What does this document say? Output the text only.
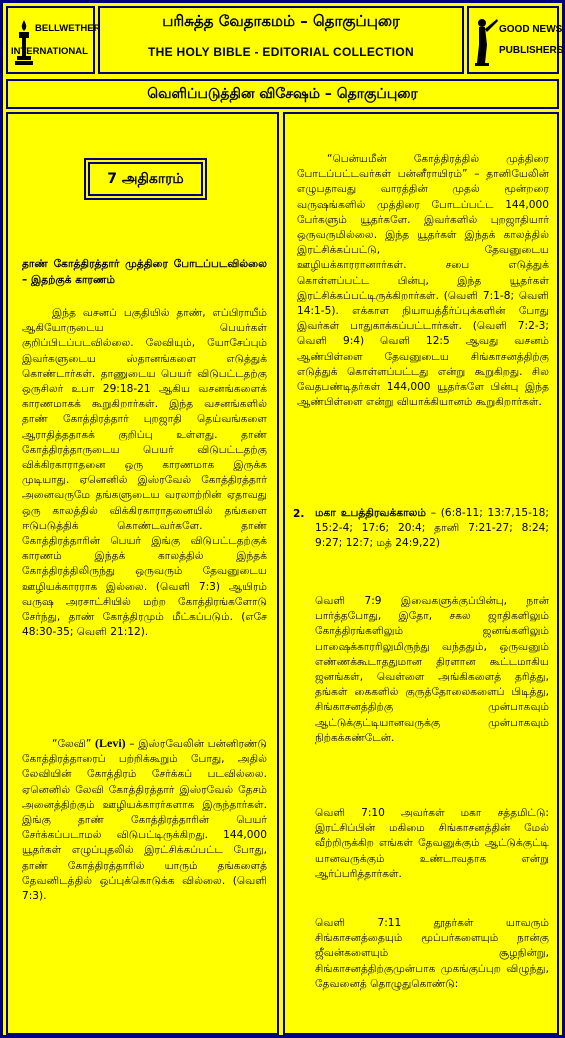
BELLWETHER
INTERNATIONAL
பரிசுத்த வேதாகமம் – தொகுப்புரை
THE HOLY BIBLE - EDITORIAL COLLECTION
GOOD NEWS
PUBLISHERS
வெளிப்படுத்தின விசேஷம் – தொகுப்புரை
7 அதிகாரம்
தாண் கோத்திரத்தார் முத்திரை போடப்படவில்லை – இதற்குக் காரணம்

இந்த வசனப் பகுதியில் தாண், எப்பிராயீம் ஆகியோருடைய பெயர்கள் குறிப்பிடப்படவில்லை. லேவியும், யோசேப்பும் இவர்களுடைய ஸ்தானங்களை எடுத்துக் கொண்டார்கள். தாணுடைய பெயர் விடுபட்டதற்கு ஒருசிலர் உபா 29:18-21 ஆகிய வசனங்களைக் காரணமாகக் கூறுகிறார்கள். இந்த வசனங்களில் தாண் கோத்திரத்தார் புறஜாதி தெய்வங்களை ஆராதித்ததாகக் குறிப்பு உள்ளது. தாண் கோத்திரத்தாருடைய பெயர் விடுபட்டதற்கு விக்கிரகாராதனை ஒரு காரணமாக இருக்க முடியாது. ஏனெனில் இஸ்ரவேல் கோத்திரத்தார் அனைவருமே தங்களுடைய வரலாற்றின் ஏதாவது ஒரு காலத்தில் விக்கிரகாராதனையில் தங்களை ஈடுபடுத்திக் கொண்டவர்களே. தாண் கோத்திரத்தாரின் பெயர் இங்கு விடுபட்டதற்குக் காரணம் இந்தக் காலத்தில் இந்தக் கோத்திரத்திலிருந்து ஒருவரும் தேவனுடைய ஊழியக்காரராக இல்லை. (வெளி 7:3) ஆயிரம் வருஷ அரசாட்சியில் மற்ற கோத்திரங்களோடு சேர்ந்து, தாண் கோத்திரமும் மீட்கப்படும். (எசே 48:30-35; வெளி 21:12).

“லேவி” (Levi) – இஸ்ரவேலின் பன்னிரண்டு கோத்திரத்தாரைப் பற்றிக்கூறும் போது, அதில் லேவியின் கோத்திரம் சேர்க்கப் படவில்லை. ஏனெனில் லேவி கோத்திரத்தார் இஸ்ரவேல் தேசம் அனைத்திற்கும் ஊழியக்காரர்களாக இருந்தார்கள். இங்கு தாண் கோத்திரத்தாரின் பெயர் சேர்க்கப்படாமல் விடுபட்டிருக்கிறது. 144,000 யூதர்கள் எழுப்புதலில் இரட்சிக்கப்பட்ட போது, தாண் கோத்திரத்தாரில் யாரும் தங்களைத் தேவனிடத்தில் ஒப்புக்கொடுக்க வில்லை. (வெளி 7:3).

“பென்யமீன் கோத்திரத்தில் முத்திரை போடப்பட்டவர்கள் பன்னீராயிரம்” – தானியேலின் எழுபதாவது வாரத்தின் முதல் மூன்றரை வருஷங்களில் முத்திரை போடப்பட்ட 144,000 பேர்களும் யூதர்களே. இவர்களில் புறஜாதியார் ஒருவருமில்லை. இந்த யூதர்கள் இந்தக் காலத்தில் இரட்சிக்கப்பட்டு, தேவனுடைய ஊழியக்காரரானார்கள். சபை எடுத்துக் கொள்ளப்பட்ட பின்பு, இந்த யூதர்கள் இரட்சிக்கப்பட்டிருக்கிறார்கள். (வெளி 7:1-8; வெளி 14:1-5). எக்காள நியாயத்தீர்ப்புக்களின் போது இவர்கள் பாதுகாக்கப்பட்டார்கள். (வெளி 7:2-3; வெளி 9:4) வெளி 12:5 ஆவது வசனம் ஆண்பிள்ளை தேவனுடைய சிங்காசனத்திற்கு எடுத்துக் கொள்ளப்பட்டது என்று கூறுகிறது. சில வேதபண்டிதர்கள் 144,000 யூதர்களே பின்பு இந்த ஆண்பிள்ளை என்று வியாக்கியானம் கூறுகிறார்கள்.

2. மகா உபத்திரவக்காலம் – (6:8-11; 13:7,15-18; 15:2-4; 17:6; 20:4; தானி 7:21-27; 8:24; 9:27; 12:7; மத் 24:9,22)

வெளி 7:9 இவைகளுக்குப்பின்பு, நான் பார்த்தபோது, இதோ, சகல ஜாதிகளிலும் கோத்திரங்களிலும் ஜனங்களிலும் பாஷைக்காரரிலுமிருந்து வந்ததும், ஒருவனும் எண்ணக்கூடாததுமான திரளான கூட்டமாகிய ஜனங்கள், வெள்ளை அங்கிகளைத் தரித்து, தங்கள் கைகளில் குருத்தோலைகளைப் பிடித்து, சிங்காசனத்திற்கு முன்பாகவும் ஆட்டுக்குட்டியானவருக்கு முன்பாகவும் நிற்கக்கண்டேன்.

வெளி 7:10 அவர்கள் மகா சத்தமிட்டு: இரட்சிப்பின் மகிமை சிங்காசனத்தின் மேல் வீற்றிருக்கிற எங்கள் தேவனுக்கும் ஆட்டுக்குட்டி யானவருக்கும் உண்டாவதாக என்று ஆர்ப்பரித்தார்கள்.

வெளி 7:11 தூதர்கள் யாவரும் சிங்காசனத்தையும் மூப்பர்களையும் நான்கு ஜீவன்களையும் சூழநின்று, சிங்காசனத்திற்குமுன்பாக முகங்குப்புற விழுந்து, தேவனைத் தொழுதுகொண்டு:
